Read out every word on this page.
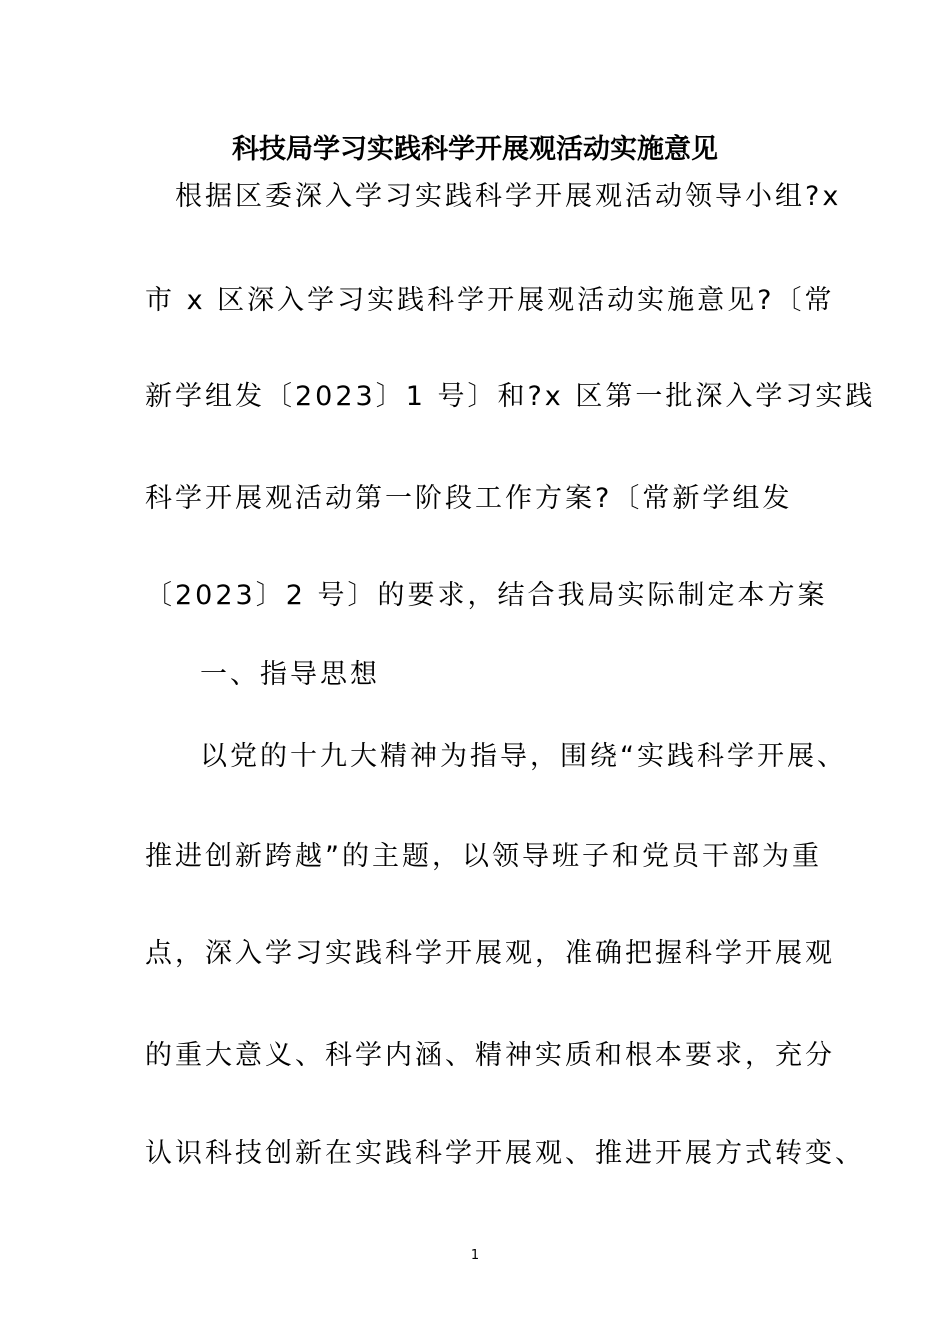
科技局学习实践科学开展观活动实施意见
根据区委深入学习实践科学开展观活动领导小组?x
市 x 区深入学习实践科学开展观活动实施意见?〔常
新学组发〔2023〕1 号〕和?x 区第一批深入学习实践
科学开展观活动第一阶段工作方案?〔常新学组发
〔2023〕2 号〕的要求，结合我局实际制定本方案
一、指导思想
以党的十九大精神为指导，围绕“实践科学开展、
推进创新跨越”的主题，以领导班子和党员干部为重
点，深入学习实践科学开展观，准确把握科学开展观
的重大意义、科学内涵、精神实质和根本要求，充分
认识科技创新在实践科学开展观、推进开展方式转变、
1
